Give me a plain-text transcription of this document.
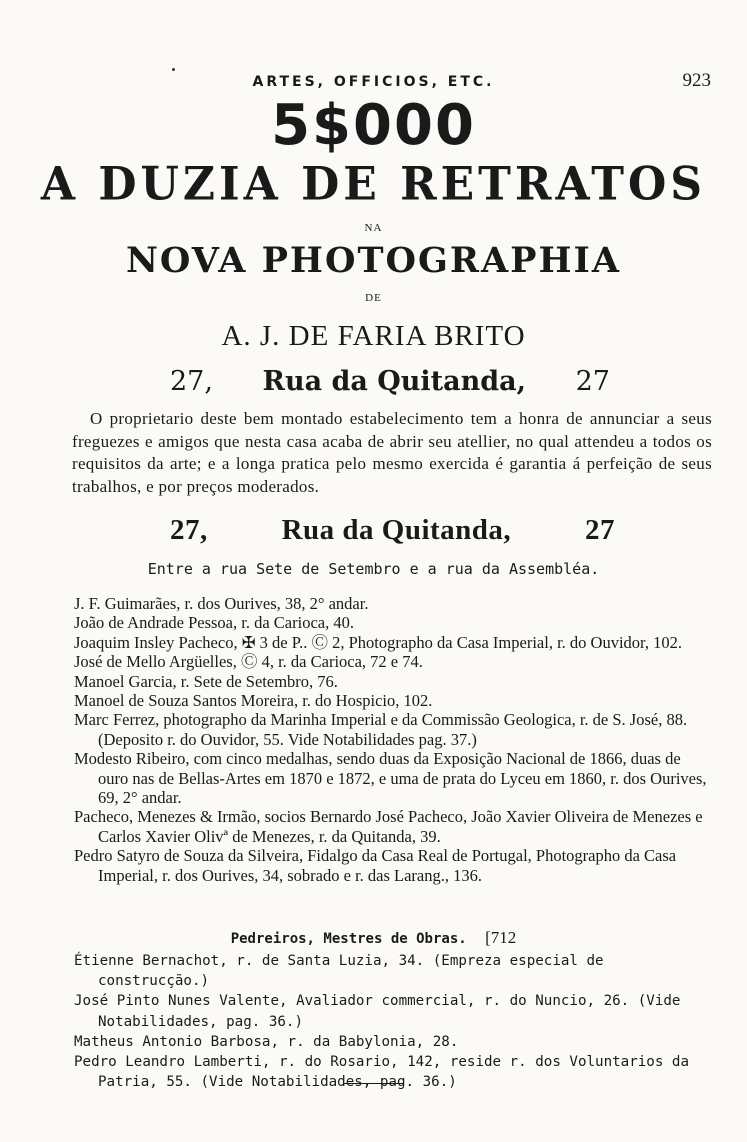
ARTES, OFFICIOS, ETC.	923
5$000
A DUZIA DE RETRATOS
NA
NOVA PHOTOGRAPHIA
DE
A. J. DE FARIA BRITO
27, Rua da Quitanda, 27
O proprietario deste bem montado estabelecimento tem a honra de annunciar a seus freguezes e amigos que nesta casa acaba de abrir seu atellier, no qual attendeu a todos os requisitos da arte; e a longa pratica pelo mesmo exercida é garantia á perfeição de seus trabalhos, e por preços moderados.
27,	Rua da Quitanda,	27
Entre a rua Sete de Setembro e a rua da Assembléa.
J. F. Guimarães, r. dos Ourives, 38, 2° andar.
João de Andrade Pessoa, r. da Carioca, 40.
Joaquim Insley Pacheco, ✠ 3 de P.. Ⓒ 2, Photographo da Casa Imperial, r. do Ouvidor, 102.
José de Mello Argüelles, Ⓒ 4, r. da Carioca, 72 e 74.
Manoel Garcia, r. Sete de Setembro, 76.
Manoel de Souza Santos Moreira, r. do Hospicio, 102.
Marc Ferrez, photographo da Marinha Imperial e da Commissão Geologica, r. de S. José, 88. (Deposito r. do Ouvidor, 55. Vide Notabilidades pag. 37.)
Modesto Ribeiro, com cinco medalhas, sendo duas da Exposição Nacional de 1866, duas de ouro nas de Bellas-Artes em 1870 e 1872, e uma de prata do Lyceu em 1860, r. dos Ourives, 69, 2° andar.
Pacheco, Menezes & Irmão, socios Bernardo José Pacheco, João Xavier Oliveira de Menezes e Carlos Xavier Olivª de Menezes, r. da Quitanda, 39.
Pedro Satyro de Souza da Silveira, Fidalgo da Casa Real de Portugal, Photographo da Casa Imperial, r. dos Ourives, 34, sobrado e r. das Larang., 136.
Pedreiros, Mestres de Obras. [712
Étienne Bernachot, r. de Santa Luzia, 34. (Empreza especial de construcção.)
José Pinto Nunes Valente, Avaliador commercial, r. do Nuncio, 26. (Vide Notabilidades, pag. 36.)
Matheus Antonio Barbosa, r. da Babylonia, 28.
Pedro Leandro Lamberti, r. do Rosario, 142, reside r. dos Voluntarios da Patria, 55. (Vide Notabilidades, pag. 36.)
